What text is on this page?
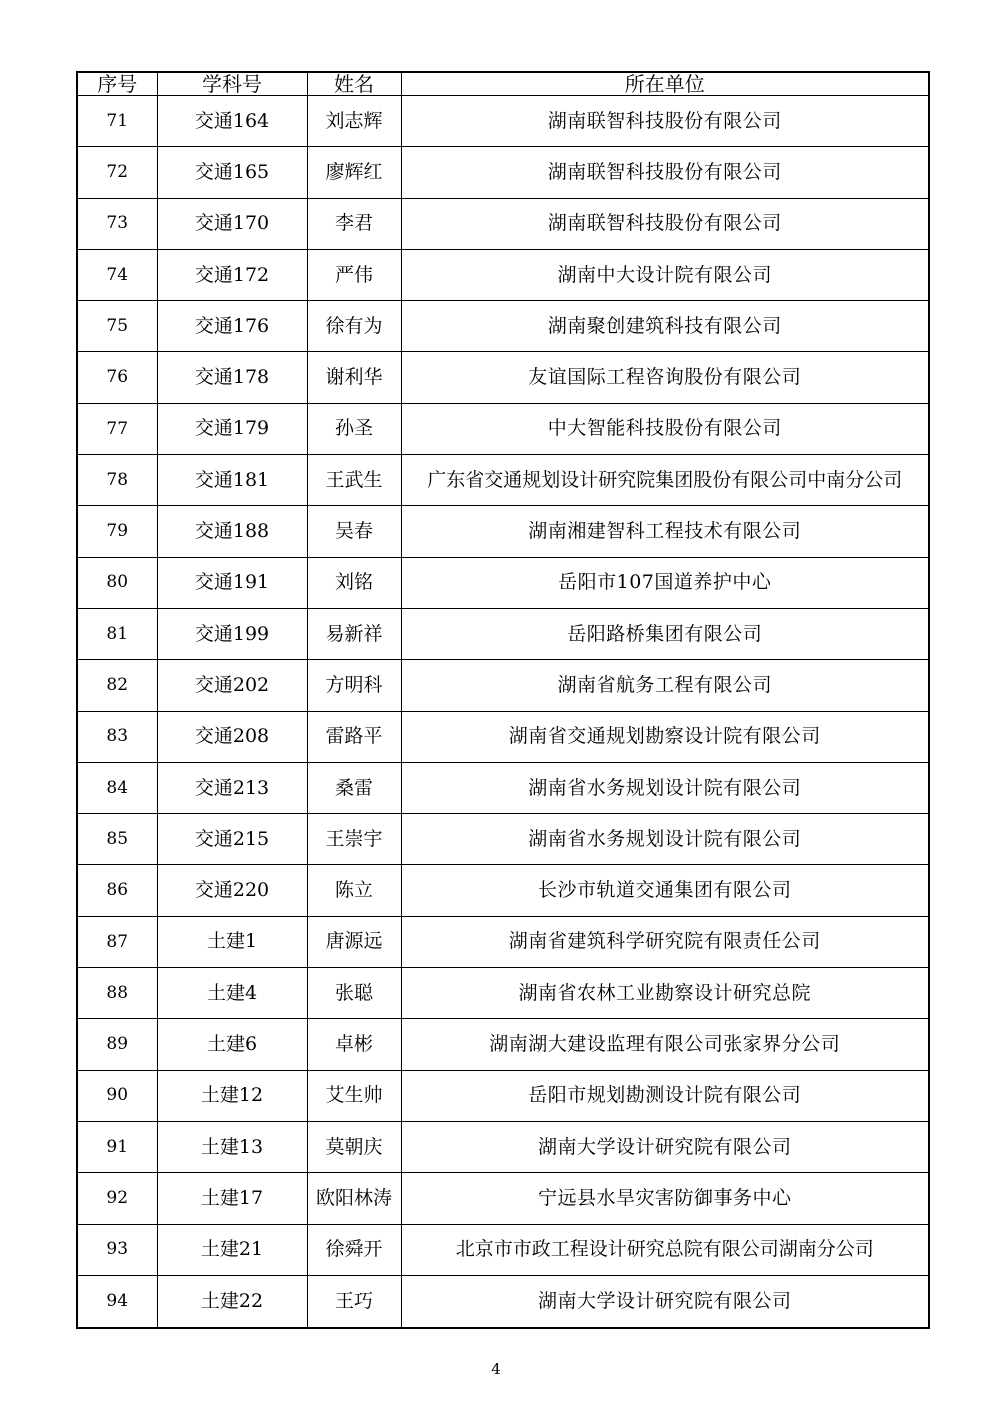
序号	学科号	姓名	所在单位
71	交通164	刘志辉	湖南联智科技股份有限公司
72	交通165	廖辉红	湖南联智科技股份有限公司
73	交通170	李君	湖南联智科技股份有限公司
74	交通172	严伟	湖南中大设计院有限公司
75	交通176	徐有为	湖南聚创建筑科技有限公司
76	交通178	谢利华	友谊国际工程咨询股份有限公司
77	交通179	孙圣	中大智能科技股份有限公司
78	交通181	王武生	广东省交通规划设计研究院集团股份有限公司中南分公司
79	交通188	吴春	湖南湘建智科工程技术有限公司
80	交通191	刘铭	岳阳市107国道养护中心
81	交通199	易新祥	岳阳路桥集团有限公司
82	交通202	方明科	湖南省航务工程有限公司
83	交通208	雷路平	湖南省交通规划勘察设计院有限公司
84	交通213	桑雷	湖南省水务规划设计院有限公司
85	交通215	王崇宇	湖南省水务规划设计院有限公司
86	交通220	陈立	长沙市轨道交通集团有限公司
87	土建1	唐源远	湖南省建筑科学研究院有限责任公司
88	土建4	张聪	湖南省农林工业勘察设计研究总院
89	土建6	卓彬	湖南湖大建设监理有限公司张家界分公司
90	土建12	艾生帅	岳阳市规划勘测设计院有限公司
91	土建13	莫朝庆	湖南大学设计研究院有限公司
92	土建17	欧阳林涛	宁远县水旱灾害防御事务中心
93	土建21	徐舜开	北京市市政工程设计研究总院有限公司湖南分公司
94	土建22	王巧	湖南大学设计研究院有限公司
4
